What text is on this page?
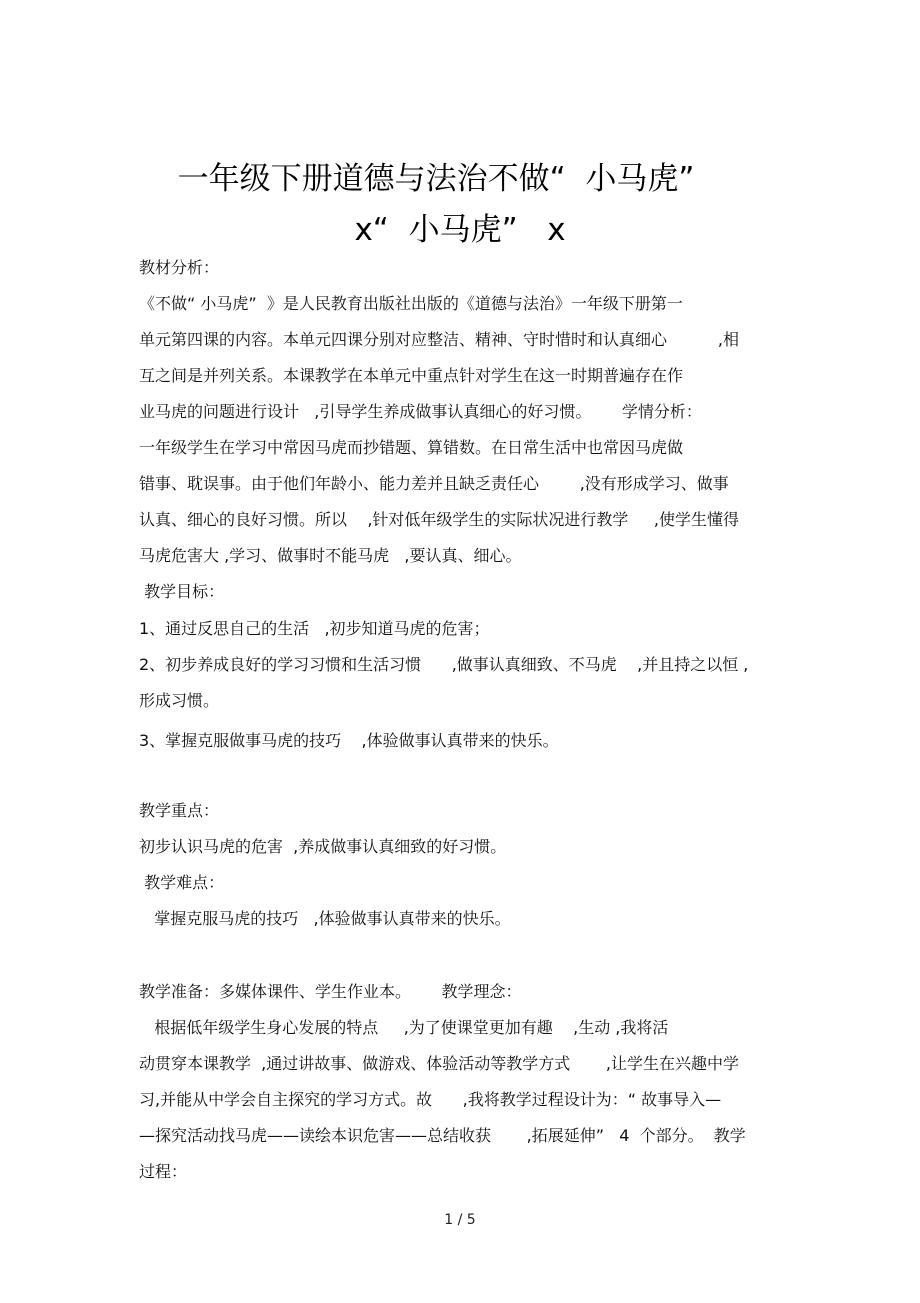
一年级下册道德与法治不做“  小马虎”
x“  小马虎”   x
教材分析：
《不做“ 小马虎”  》是人民教育出版社出版的《道德与法治》一年级下册第一
单元第四课的内容。本单元四课分别对应整洁、精神、守时惜时和认真细心          ,相
互之间是并列关系。本课教学在本单元中重点针对学生在这一时期普遍存在作
业马虎的问题进行设计   ,引导学生养成做事认真细心的好习惯。      学情分析：
一年级学生在学习中常因马虎而抄错题、算错数。在日常生活中也常因马虎做
错事、耽误事。由于他们年龄小、能力差并且缺乏责任心        ,没有形成学习、做事
认真、细心的良好习惯。所以    ,针对低年级学生的实际状况进行教学     ,使学生懂得
马虎危害大 ,学习、做事时不能马虎   ,要认真、细心。
教学目标：
1、通过反思自己的生活   ,初步知道马虎的危害；
2、初步养成良好的学习习惯和生活习惯      ,做事认真细致、不马虎    ,并且持之以恒 ,
形成习惯。
3、掌握克服做事马虎的技巧    ,体验做事认真带来的快乐。
教学重点：
初步认识马虎的危害  ,养成做事认真细致的好习惯。
教学难点：
掌握克服马虎的技巧   ,体验做事认真带来的快乐。
教学准备：多媒体课件、学生作业本。      教学理念：
根据低年级学生身心发展的特点     ,为了使课堂更加有趣    ,生动 ,我将活
动贯穿本课教学  ,通过讲故事、做游戏、体验活动等教学方式       ,让学生在兴趣中学
习,并能从中学会自主探究的学习方式。故      ,我将教学过程设计为：“ 故事导入—
—探究活动找马虎——读绘本识危害——总结收获       ,拓展延伸”   4  个部分。  教学
过程：
1 / 5
